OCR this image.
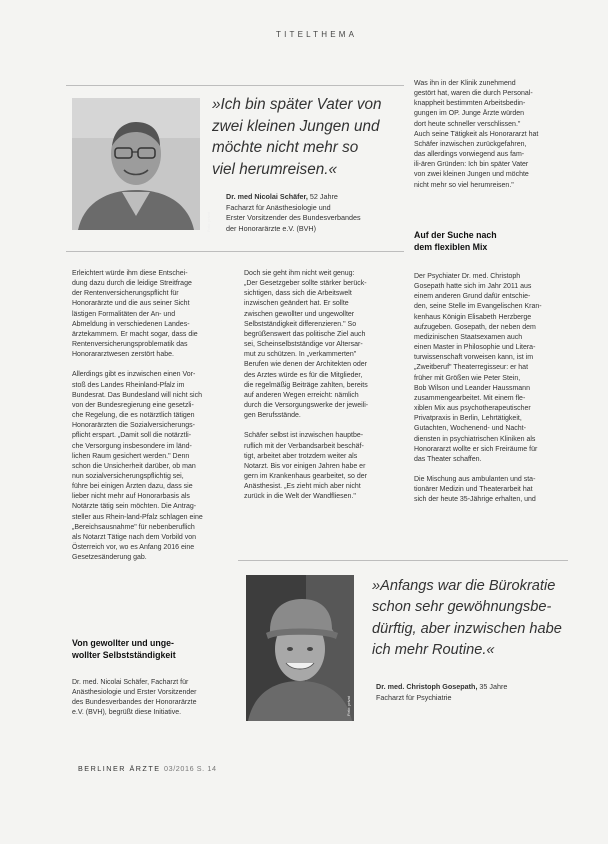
TITELTHEMA
Foto: privat
»Ich bin später Vater von
zwei kleinen Jungen und
möchte nicht mehr so
viel herumreisen.«
Dr. med Nicolai Schäfer, 52 Jahre
Facharzt für Anästhesiologie und
Erster Vorsitzender des Bundesverbandes
der Honorarärzte e.V. (BVH)

Was ihn in der Klinik zunehmend
gestört hat, waren die durch Personal-
knappheit bestimmten Arbeitsbedin-
gungen im OP. Junge Ärzte würden
dort heute schneller verschlissen."
Auch seine Tätigkeit als Honorararzt hat
Schäfer inzwischen zurückgefahren,
das allerdings vorwiegend aus fam-
ili-ären Gründen: Ich bin später Vater
von zwei kleinen Jungen und möchte
nicht mehr so viel herumreisen."

Auf der Suche nach
dem flexiblen Mix

Der Psychiater Dr. med. Christoph
Gosepath hatte sich im Jahr 2011 aus
einem anderen Grund dafür entschie-
den, seine Stelle im Evangelischen Kran-
kenhaus Königin Elisabeth Herzberge
aufzugeben. Gosepath, der neben dem
medizinischen Staatsexamen auch
einen Master in Philosophie und Litera-
turwissenschaft vorweisen kann, ist im
„Zweitberuf" Theaterregisseur: er hat
früher mit Größen wie Peter Stein,
Bob Wilson und Leander Haussmann
zusammengearbeitet. Mit einem fle-
xiblen Mix aus psychotherapeutischer
Privatpraxis in Berlin, Lehrtätigkeit,
Gutachten, Wochenend- und Nacht-
diensten in psychiatrischen Kliniken als
Honorararzt wollte er sich Freiräume für
das Theater schaffen.

Die Mischung aus ambulanten und sta-
tionärer Medizin und Theaterarbeit hat
sich der heute 35-Jährige erhalten, und

Erleichtert würde ihm diese Entschei-
dung dazu durch die leidige Streitfrage
der Rentenversicherungspflicht für
Honorarärzte und die aus seiner Sicht
lästigen Formalitäten der An- und
Abmeldung in verschiedenen Landes-
ärztekammern. Er macht sogar, dass die
Rentenversicherungsproblematik das
Honorararztwesen zerstört habe.

Allerdings gibt es inzwischen einen Vor-
stoß des Landes Rheinland-Pfalz im
Bundesrat. Das Bundesland will nicht sich
von der Bundesregierung eine gesetzli-
che Regelung, die es notärztlich tätigen
Honorarärzten die Sozialversicherungs-
pflicht erspart. „Damit soll die notärztli-
che Versorgung insbesondere im länd-
lichen Raum gesichert werden." Denn
schon die Unsicherheit darüber, ob man
nun sozialversicherungspflichtig sei,
führe bei einigen Ärzten dazu, dass sie
lieber nicht mehr auf Honorarbasis als
Notärzte tätig sein möchten. Die Antrag-
steller aus Rhein-land-Pfalz schlagen eine
„Bereichsausnahme" für nebenberuflich
als Notarzt Tätige nach dem Vorbild von
Österreich vor, wo es Anfang 2016 eine
Gesetzesänderung gab.

Von gewollter und unge-
wollter Selbstständigkeit

Dr. med. Nicolai Schäfer, Facharzt für
Anästhesiologie und Erster Vorsitzender
des Bundesverbandes der Honorarärzte
e.V. (BVH), begrüßt diese Initiative.

Doch sie geht ihm nicht weit genug:
„Der Gesetzgeber sollte stärker berück-
sichtigen, dass sich die Arbeitswelt
inzwischen geändert hat. Er sollte
zwischen gewollter und ungewollter
Selbstständigkeit differenzieren." So
begrüßenswert das politische Ziel auch
sei, Scheinselbstständige vor Altersar-
mut zu schützen. In „verkammerten"
Berufen wie denen der Architekten oder
des Arztes würde es für die Mitglieder,
die regelmäßig Beiträge zahlten, bereits
auf anderen Wegen erreicht: nämlich
durch die Versorgungswerke der jeweili-
gen Berufsstände.

Schäfer selbst ist inzwischen hauptbe-
ruflich mit der Verbandsarbeit beschäf-
tigt, arbeitet aber trotzdem weiter als
Notarzt. Bis vor einigen Jahren habe er
gern im Krankenhaus gearbeitet, so der
Anästhesist. „Es zieht mich aber nicht
zurück in die Welt der Wandfliesen."

Foto: privat
»Anfangs war die Bürokratie
schon sehr gewöhnungsbe-
dürftig, aber inzwischen habe
ich mehr Routine.«
Dr. med. Christoph Gosepath, 35 Jahre
Facharzt für Psychiatrie
BERLINER ÄRZTE 03/2016 S. 14
